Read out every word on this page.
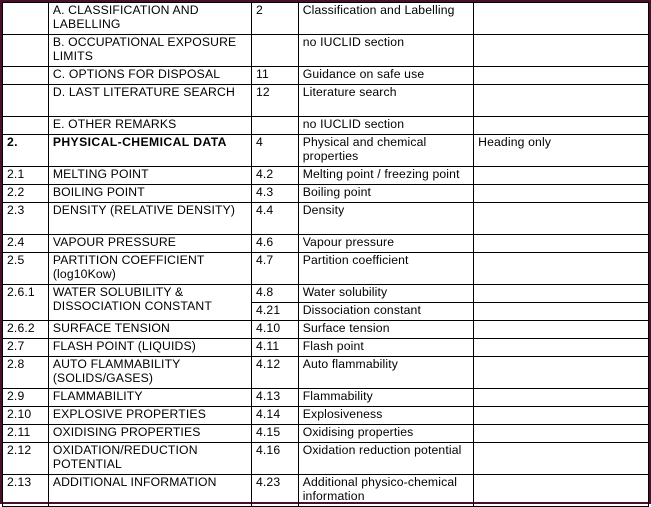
	A. CLASSIFICATION AND LABELLING	2	Classification and Labelling	
	B. OCCUPATIONAL EXPOSURE LIMITS		no IUCLID section	
	C. OPTIONS FOR DISPOSAL	11	Guidance on safe use	
	D. LAST LITERATURE SEARCH	12	Literature search	
	E. OTHER REMARKS		no IUCLID section	
2.	PHYSICAL-CHEMICAL DATA	4	Physical and chemical properties	Heading only
2.1	MELTING POINT	4.2	Melting point / freezing point	
2.2	BOILING POINT	4.3	Boiling point	
2.3	DENSITY (RELATIVE DENSITY)	4.4	Density	
2.4	VAPOUR PRESSURE	4.6	Vapour pressure	
2.5	PARTITION COEFFICIENT (log10Kow)	4.7	Partition coefficient	
2.6.1	WATER SOLUBILITY & DISSOCIATION CONSTANT	4.8	Water solubility	
		4.21	Dissociation constant	
2.6.2	SURFACE TENSION	4.10	Surface tension	
2.7	FLASH POINT (LIQUIDS)	4.11	Flash point	
2.8	AUTO FLAMMABILITY (SOLIDS/GASES)	4.12	Auto flammability	
2.9	FLAMMABILITY	4.13	Flammability	
2.10	EXPLOSIVE PROPERTIES	4.14	Explosiveness	
2.11	OXIDISING PROPERTIES	4.15	Oxidising properties	
2.12	OXIDATION/REDUCTION POTENTIAL	4.16	Oxidation reduction potential	
2.13	ADDITIONAL INFORMATION	4.23	Additional physico-chemical information	
